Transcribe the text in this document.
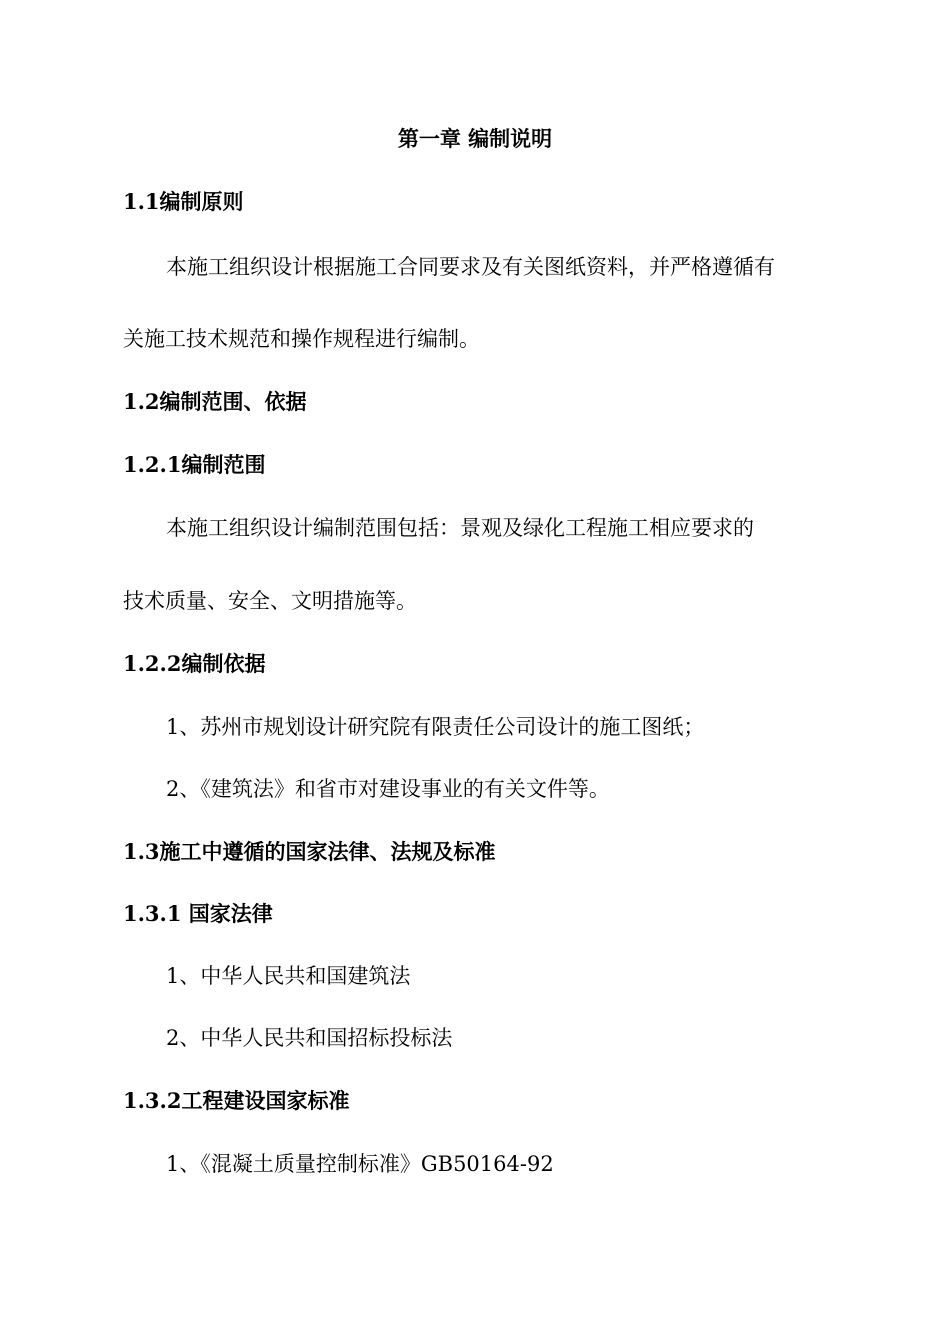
第一章 编制说明
1.1编制原则
本施工组织设计根据施工合同要求及有关图纸资料，并严格遵循有
关施工技术规范和操作规程进行编制。
1.2编制范围、依据
1.2.1编制范围
本施工组织设计编制范围包括：景观及绿化工程施工相应要求的
技术质量、安全、文明措施等。
1.2.2编制依据
1、苏州市规划设计研究院有限责任公司设计的施工图纸；
2、《建筑法》和省市对建设事业的有关文件等。
1.3施工中遵循的国家法律、法规及标准
1.3.1 国家法律
1、中华人民共和国建筑法
2、中华人民共和国招标投标法
1.3.2工程建设国家标准
1、《混凝土质量控制标准》GB50164-92
